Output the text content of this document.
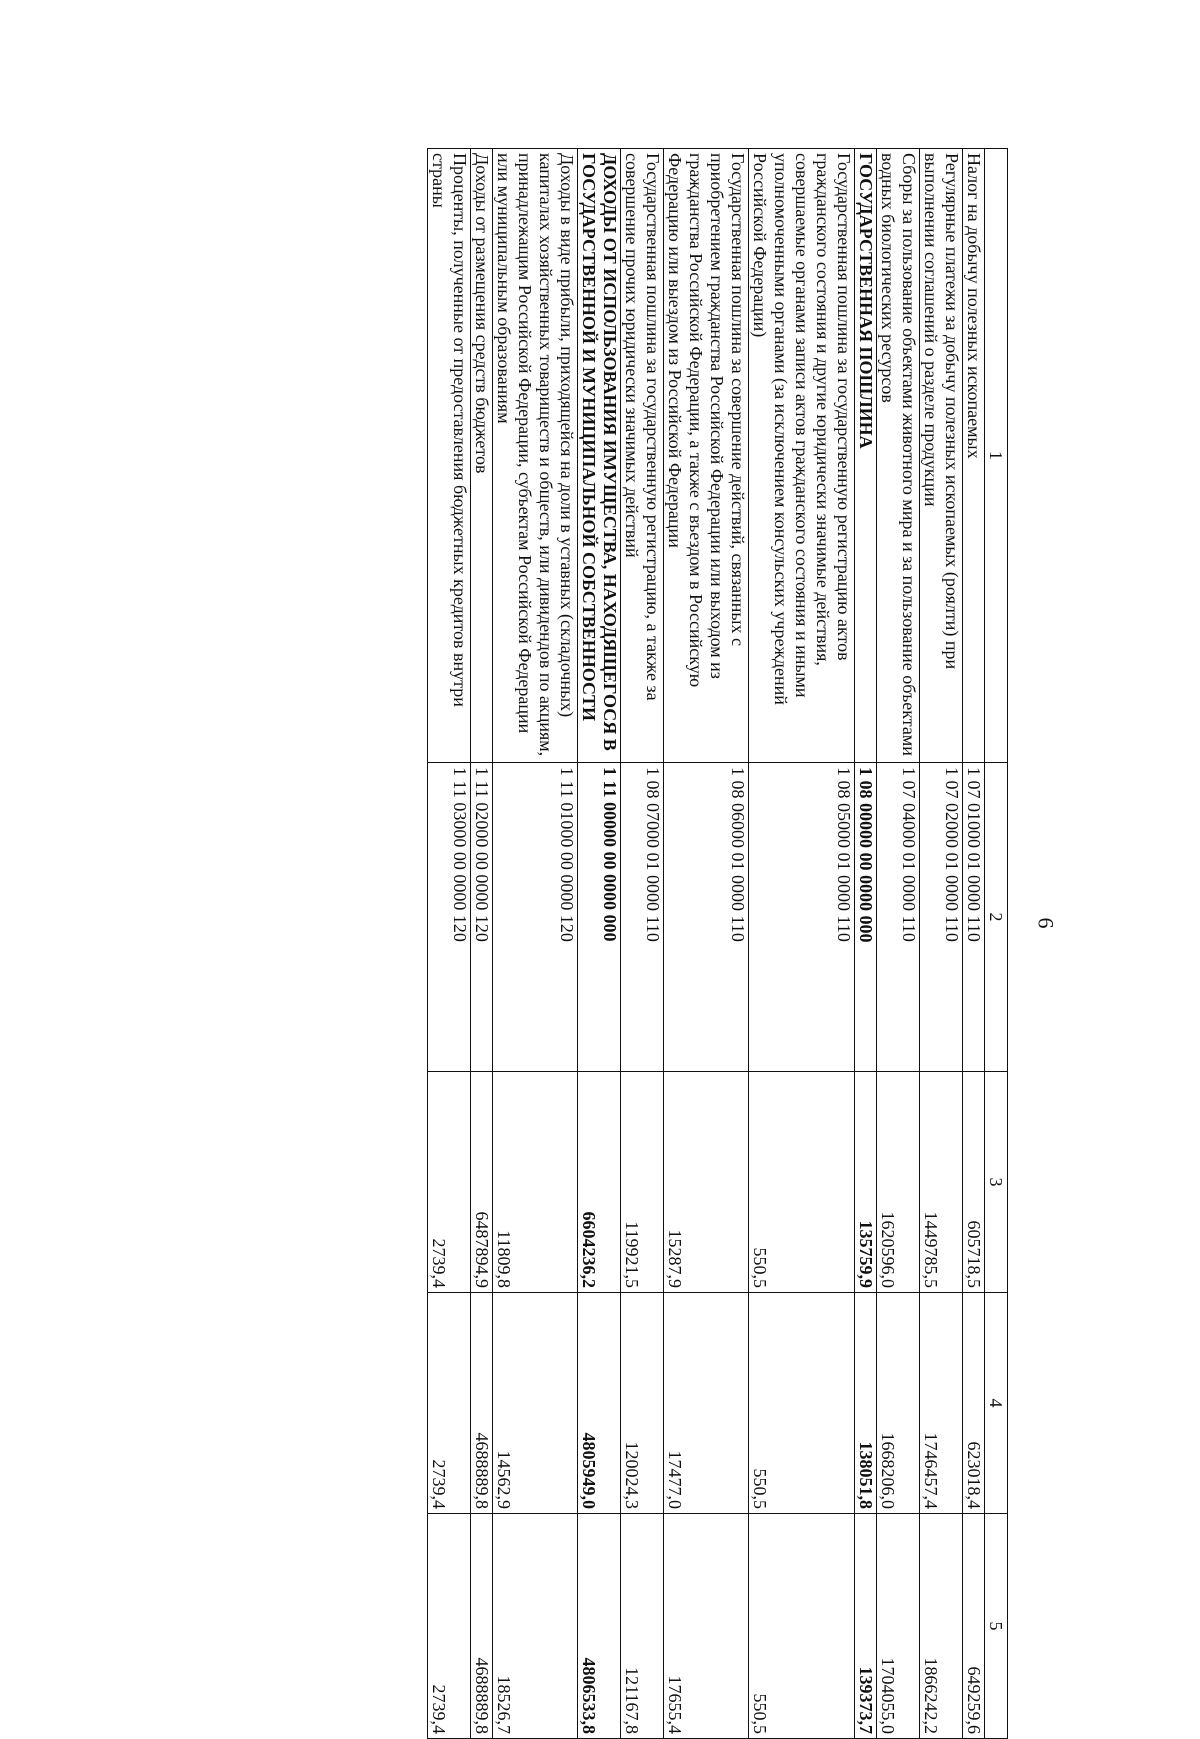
6
1	2	3	4	5
Налог на добычу полезных ископаемых	1 07 01000 01 0000 110	605718,5	623018,4	649259,6
Регулярные платежи за добычу полезных ископаемых (роялти) при выполнении соглашений о разделе продукции	1 07 02000 01 0000 110	1449785,5	1746457,4	1866242,2
Сборы за пользование объектами животного мира и за пользование объектами водных биологических ресурсов	1 07 04000 01 0000 110	1620596,0	1668206,0	1704055,0
ГОСУДАРСТВЕННАЯ ПОШЛИНА	1 08 00000 00 0000 000	135759,9	138051,8	139373,7
Государственная пошлина за государственную регистрацию актов гражданского состояния и другие юридически значимые действия, совершаемые органами записи актов гражданского состояния и иными уполномоченными органами (за исключением консульских учреждений Российской Федерации)	1 08 05000 01 0000 110	550,5	550,5	550,5
Государственная пошлина за совершение действий, связанных с приобретением гражданства Российской Федерации или выходом из гражданства Российской Федерации, а также с въездом в Российскую Федерацию или выездом из Российской Федерации	1 08 06000 01 0000 110	15287,9	17477,0	17655,4
Государственная пошлина за государственную регистрацию, а также за совершение прочих юридически значимых действий	1 08 07000 01 0000 110	119921,5	120024,3	121167,8
ДОХОДЫ ОТ ИСПОЛЬЗОВАНИЯ ИМУЩЕСТВА, НАХОДЯЩЕГОСЯ В ГОСУДАРСТВЕННОЙ И МУНИЦИПАЛЬНОЙ СОБСТВЕННОСТИ	1 11 00000 00 0000 000	6604236,2	4805949,0	4806533,8
Доходы в виде прибыли, приходящейся на доли в уставных (складочных) капиталах хозяйственных товариществ и обществ, или дивидендов по акциям, принадлежащим Российской Федерации, субъектам Российской Федерации или муниципальным образованиям	1 11 01000 00 0000 120	11809,8	14562,9	18526,7
Доходы от размещения средств бюджетов	1 11 02000 00 0000 120	6487894,9	4688889,8	4688889,8
Проценты, полученные от предоставления бюджетных кредитов внутри страны	1 11 03000 00 0000 120	2739,4	2739,4	2739,4
